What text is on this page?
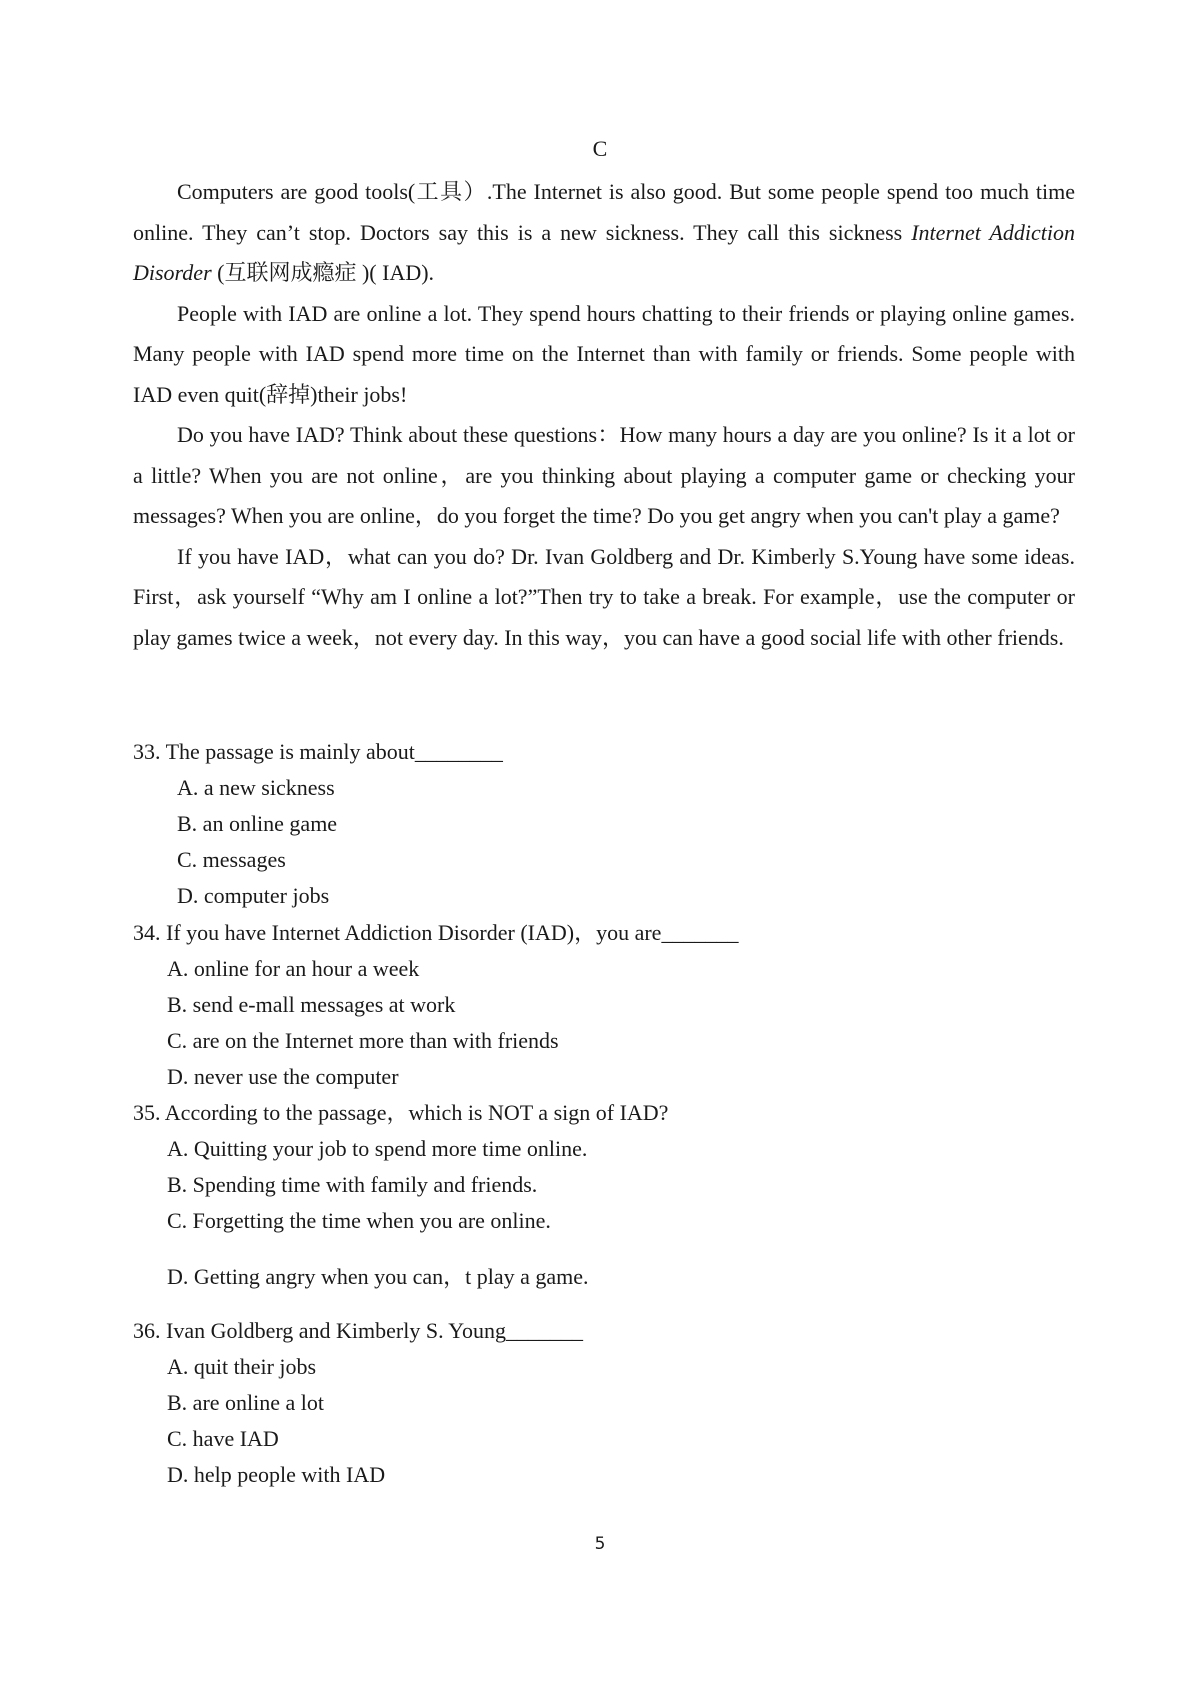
C

Computers are good tools(工具）.The Internet is also good. But some people spend too much time online. They can’t stop. Doctors say this is a new sickness. They call this sickness Internet Addiction Disorder (互联网成瘾症 )( IAD).

People with IAD are online a lot. They spend hours chatting to their friends or playing online games. Many people with IAD spend more time on the Internet than with family or friends. Some people with IAD even quit(辞掉)their jobs!

Do you have IAD? Think about these questions：How many hours a day are you online? Is it a lot or a little? When you are not online，are you thinking about playing a computer game or checking your messages? When you are online，do you forget the time? Do you get angry when you can't play a game?

If you have IAD，what can you do? Dr. Ivan Goldberg and Dr. Kimberly S.Young have some ideas. First，ask yourself “Why am I online a lot?”Then try to take a break. For example，use the computer or play games twice a week，not every day. In this way，you can have a good social life with other friends.

33. The passage is mainly about________

A. a new sickness

B. an online game

C. messages

D. computer jobs

34. If you have Internet Addiction Disorder (IAD)，you are_______

A. online for an hour a week

B. send e-mall messages at work

C. are on the Internet more than with friends

D. never use the computer

35. According to the passage，which is NOT a sign of IAD?

A. Quitting your job to spend more time online.

B. Spending time with family and friends.

C. Forgetting the time when you are online.

D. Getting angry when you can，t play a game.

36. Ivan Goldberg and Kimberly S. Young_______

A. quit their jobs

B. are online a lot

C. have IAD

D. help people with IAD

5
